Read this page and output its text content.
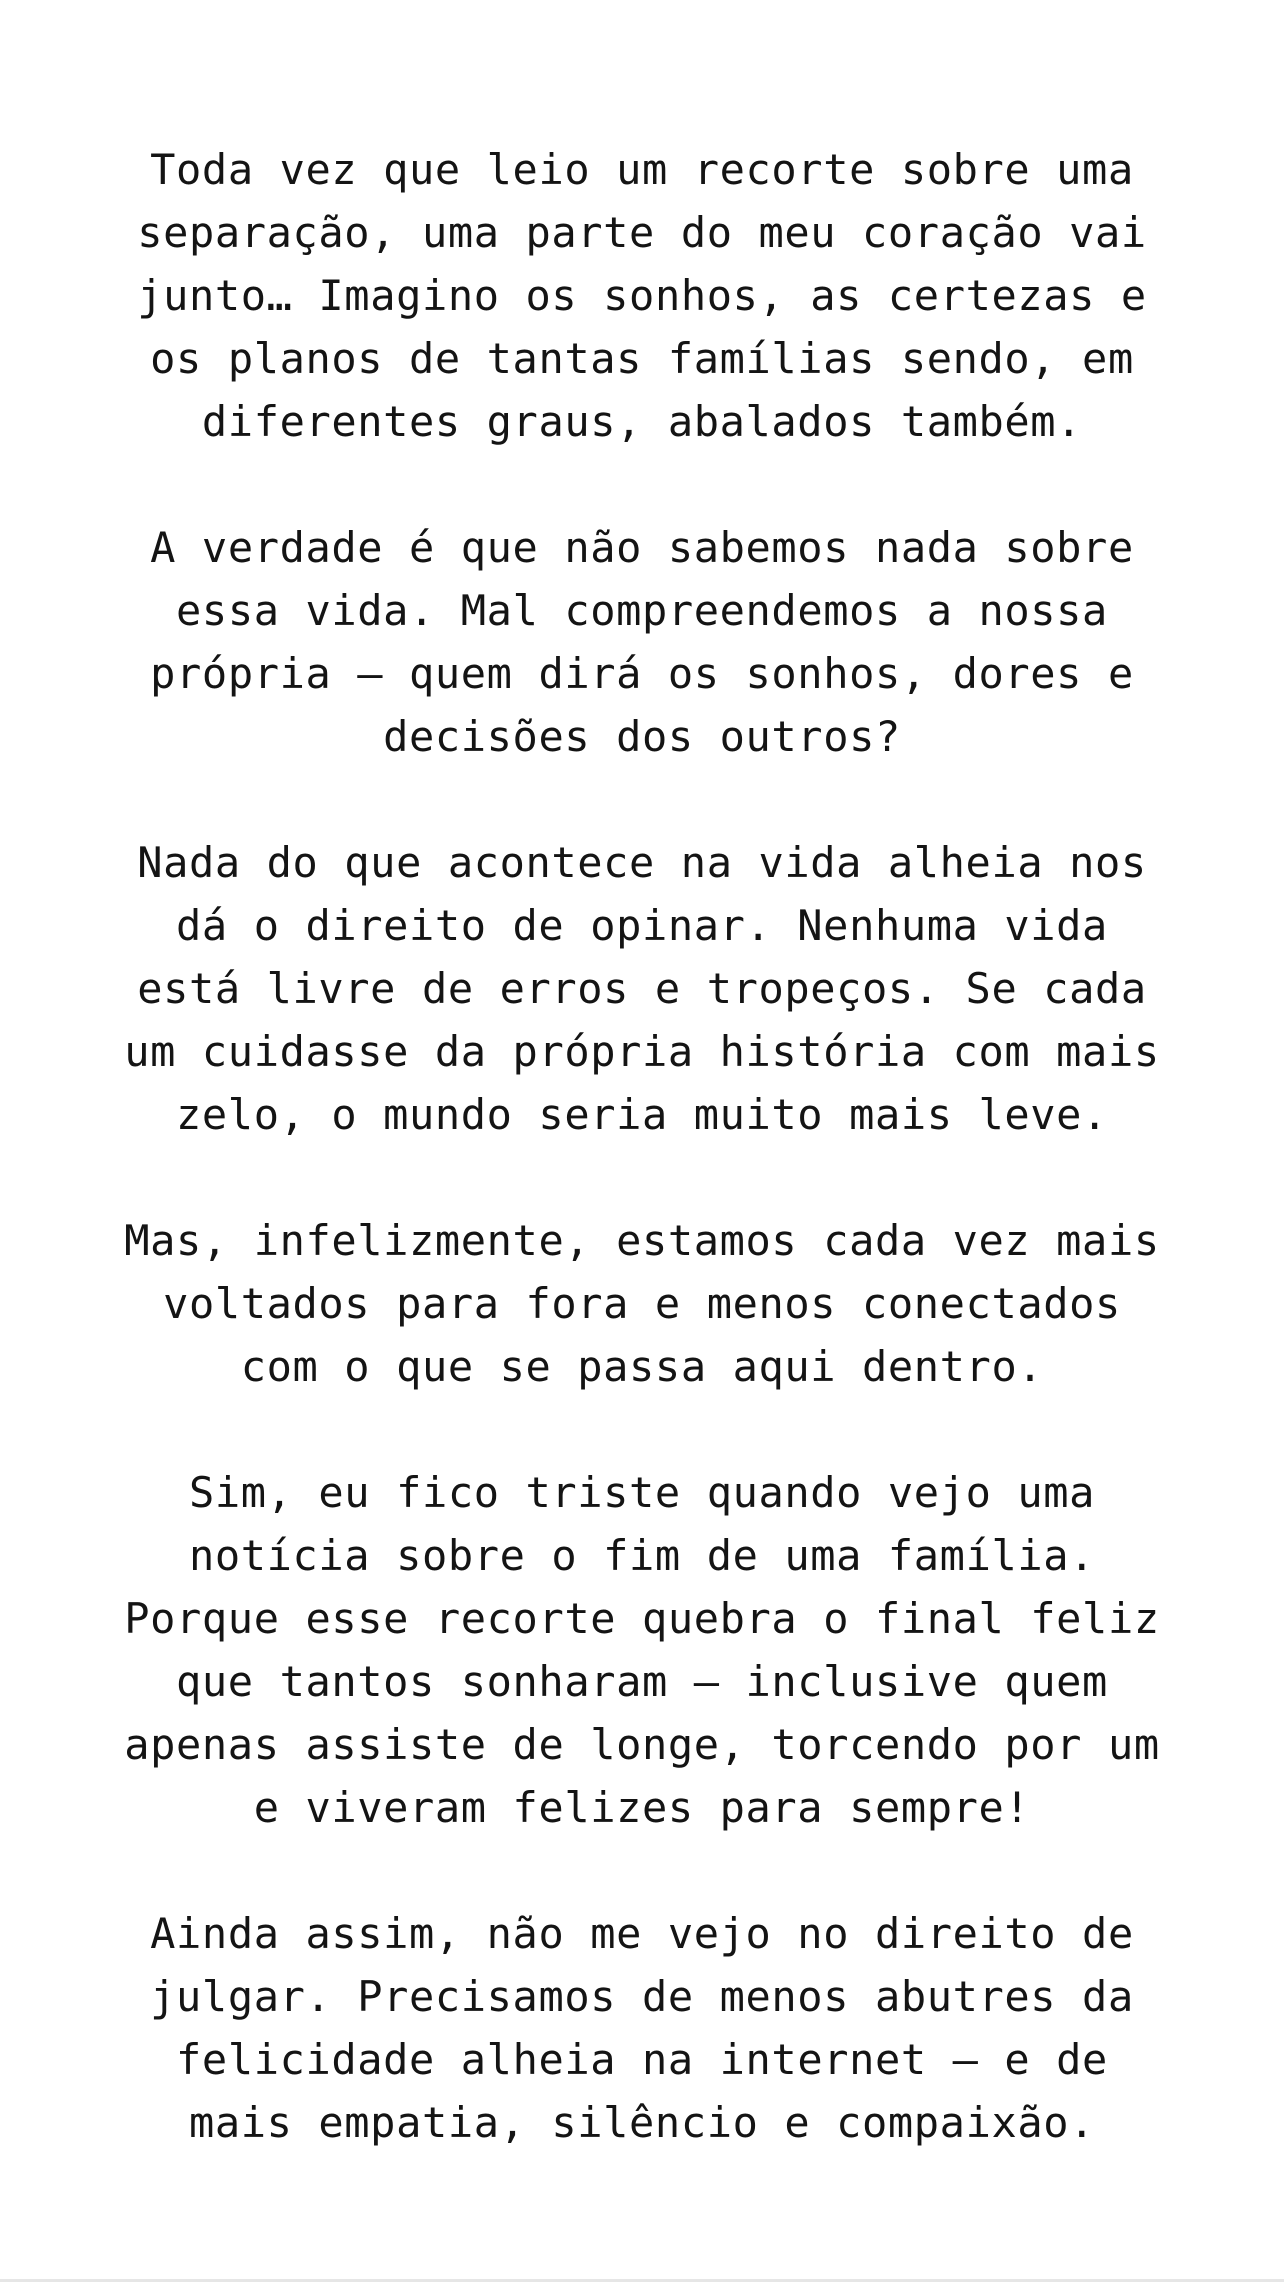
Toda vez que leio um recorte sobre uma
separação, uma parte do meu coração vai
junto… Imagino os sonhos, as certezas e
os planos de tantas famílias sendo, em
diferentes graus, abalados também.
A verdade é que não sabemos nada sobre
essa vida. Mal compreendemos a nossa
própria — quem dirá os sonhos, dores e
decisões dos outros?
Nada do que acontece na vida alheia nos
dá o direito de opinar. Nenhuma vida
está livre de erros e tropeços. Se cada
um cuidasse da própria história com mais
zelo, o mundo seria muito mais leve.
Mas, infelizmente, estamos cada vez mais
voltados para fora e menos conectados
com o que se passa aqui dentro.
Sim, eu fico triste quando vejo uma
notícia sobre o fim de uma família.
Porque esse recorte quebra o final feliz
que tantos sonharam — inclusive quem
apenas assiste de longe, torcendo por um
e viveram felizes para sempre!
Ainda assim, não me vejo no direito de
julgar. Precisamos de menos abutres da
felicidade alheia na internet — e de
mais empatia, silêncio e compaixão.
